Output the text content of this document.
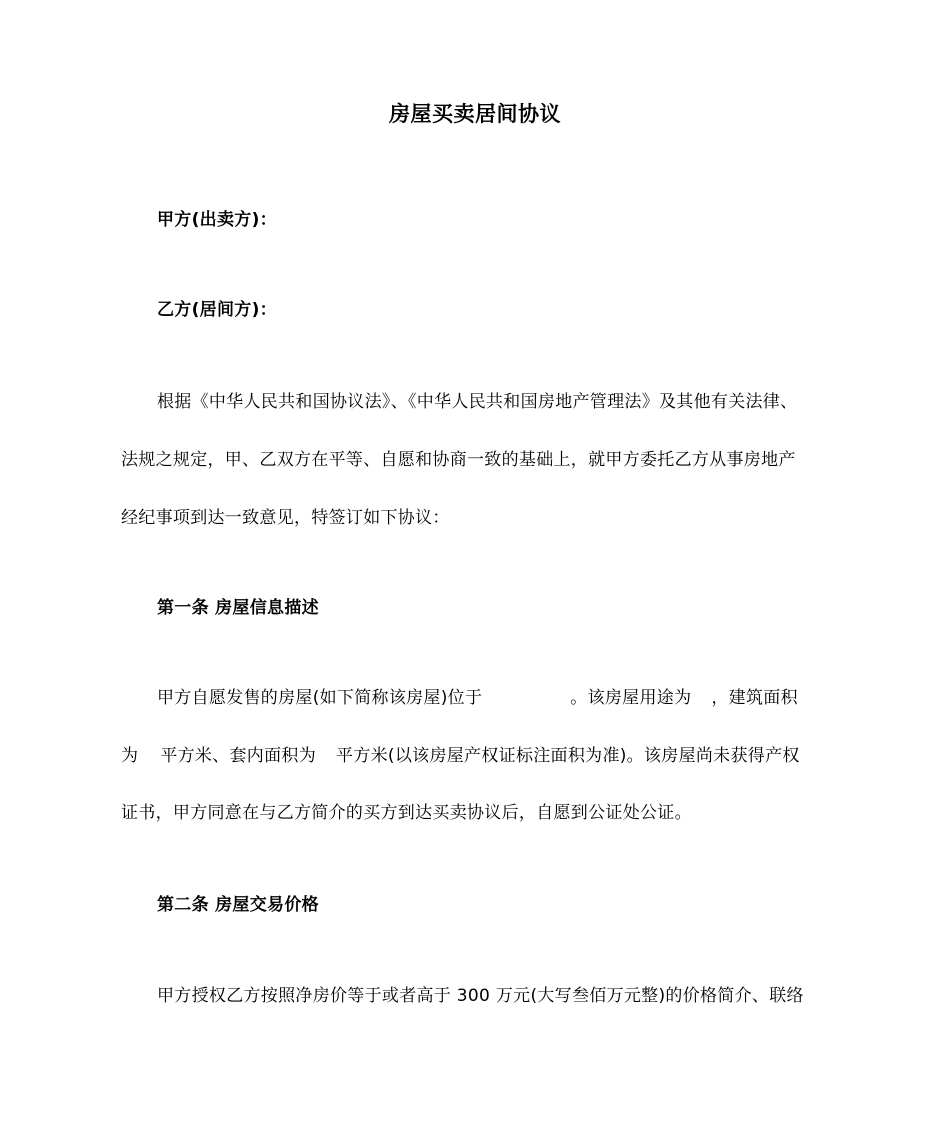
房屋买卖居间协议
甲方(出卖方)：
乙方(居间方)：
根据《中华人民共和国协议法》、《中华人民共和国房地产管理法》及其他有关法律、
法规之规定，甲、乙双方在平等、自愿和协商一致的基础上，就甲方委托乙方从事房地产
经纪事项到达一致意见，特签订如下协议：
第一条 房屋信息描述
甲方自愿发售的房屋(如下简称该房屋)位于	。该房屋用途为 ，建筑面积
为 平方米、套内面积为 平方米(以该房屋产权证标注面积为准)。该房屋尚未获得产权
证书，甲方同意在与乙方简介的买方到达买卖协议后，自愿到公证处公证。
第二条 房屋交易价格
甲方授权乙方按照净房价等于或者高于 300 万元(大写叁佰万元整)的价格简介、联络
